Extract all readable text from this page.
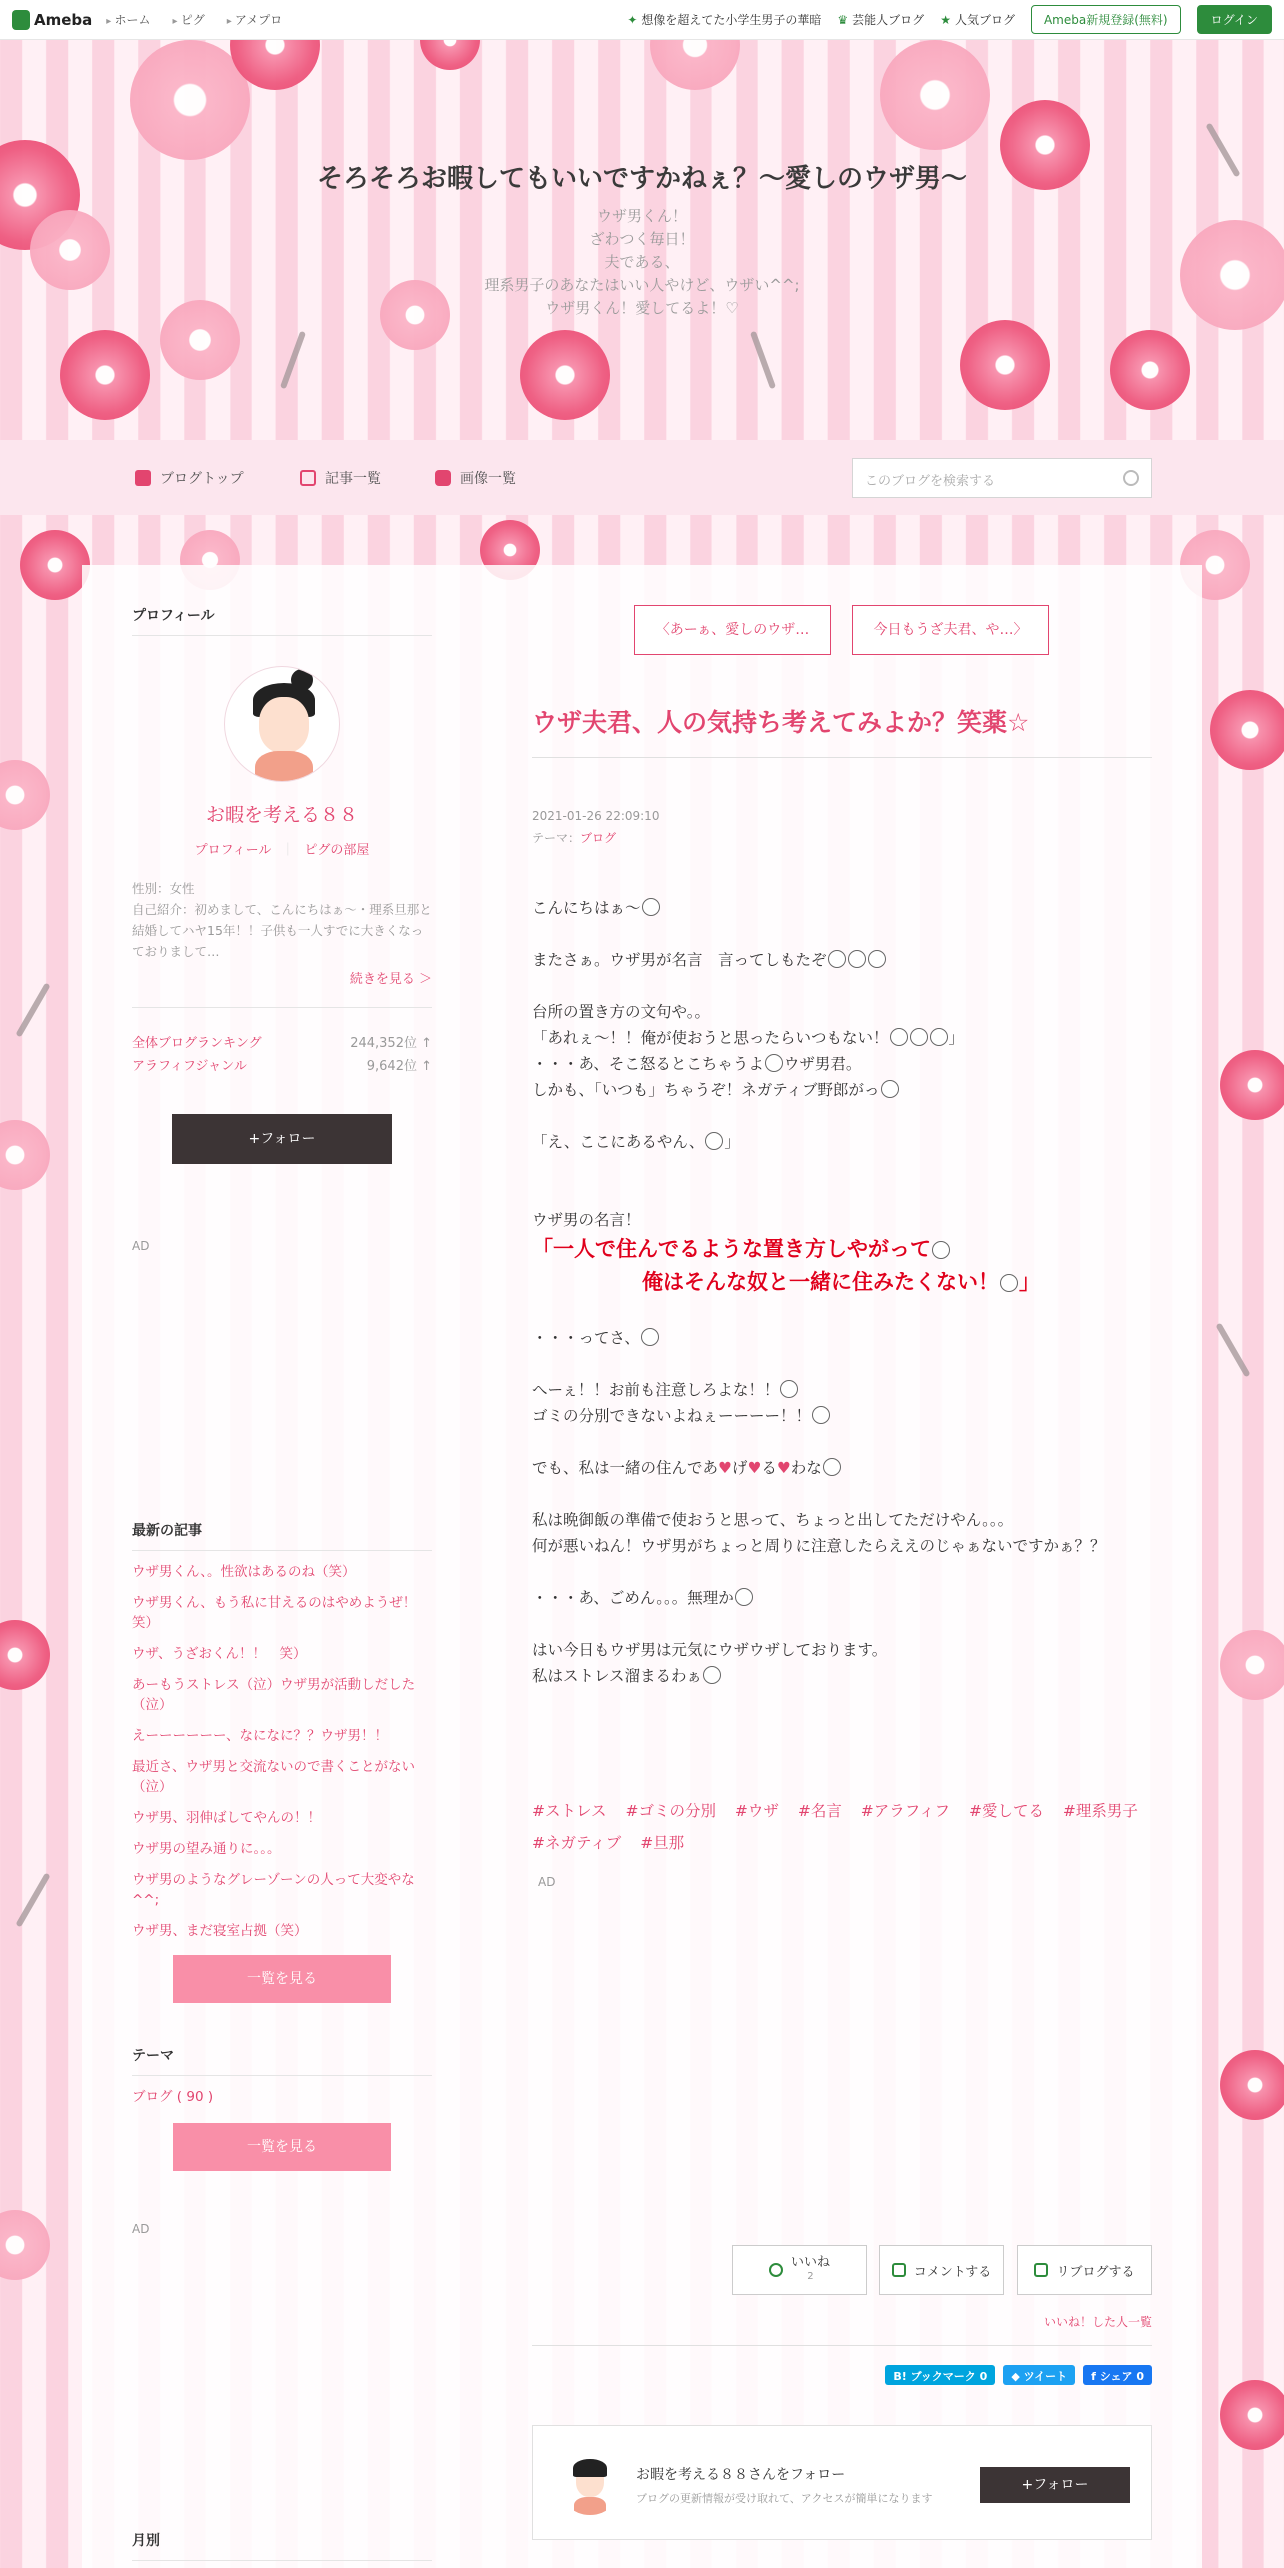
Ameba	▸ ホーム	▸ ピグ	▸ アメプロ	✦ 想像を超えてた小学生男子の華暗 ♛ 芸能人ブログ ★ 人気ブログ	Ameba新規登録(無料)	ログイン
そろそろお暇してもいいですかねぇ？〜愛しのウザ男〜
ウザ男くん！
ざわつく毎日！
夫である、
理系男子のあなたはいい人やけど、ウザい^^;
ウザ男くん！愛してるよ！♡
ブログトップ	記事一覧	画像一覧	このブログを検索する
プロフィール
お暇を考える８８
プロフィール ｜ ピグの部屋
性別：女性
自己紹介：初めまして、こんにちはぁ〜・理系旦那と結婚してハヤ15年！！子供も一人すでに大きくなっておりまして…
続きを見る ＞
全体ブログランキング	244,352位 ↑
アラフィフジャンル	9,642位 ↑
+フォロー
AD
最新の記事
ウザ男くん、。性欲はあるのね（笑）
ウザ男くん、もう私に甘えるのはやめようぜ！笑）
ウザ、うざおくん！！　笑）
あーもうストレス（泣）ウザ男が活動しだした（泣）
えーーーーーー、なになに？？ウザ男！！
最近さ、ウザ男と交流ないので書くことがない（泣）
ウザ男、羽伸ばしてやんの！！
ウザ男の望み通りに。。。
ウザ男のようなグレーゾーンの人って大変やな^^;
ウザ男、まだ寝室占拠（笑）
一覧を見る
テーマ
ブログ ( 90 )
一覧を見る
AD
月別
〈あーぁ、愛しのウザ…	今日もうざ夫君、や…〉
ウザ夫君、人の気持ち考えてみよか？笑薬☆
2021-01-26 22:09:10
テーマ：ブログ

こんにちはぁ〜

またさぁ。ウザ男が名言　言ってしもたぞ

台所の置き方の文句や。。

「あれぇ〜！！俺が使おうと思ったらいつもない！	」

・・・あ、そこ怒るとこちゃうよ ウザ男君。

しかも、「いつも」ちゃうぞ！ネガティブ野郎がっ

「え、ここにあるやん、 」

ウザ男の名言！

「一人で住んでるような置き方しやがって

俺はそんな奴と一緒に住みたくない！ 」

・・・ってさ、

へーぇ！！お前も注意しろよな！！

ゴミの分別できないよねぇーーーー！！

でも、私は一緒の住んであ♥げ♥る♥わな

私は晩御飯の準備で使おうと思って、ちょっと出してただけやん。。。

何が悪いねん！ウザ男がちょっと周りに注意したらええのじゃぁないですかぁ？？

・・・あ、ごめん。。。無理か

はい今日もウザ男は元気にウザウザしております。

私はストレス溜まるわぁ

#ストレス #ゴミの分別 #ウザ #名言 #アラフィフ #愛してる #理系男子 #ネガティブ #旦那
AD
いいね
2	コメントする	リブログする
いいね！した人一覧
B! ブックマーク 0	◆ ツイート	f シェア 0
お暇を考える８８さんをフォロー
ブログの更新情報が受け取れて、アクセスが簡単になります
+フォロー
